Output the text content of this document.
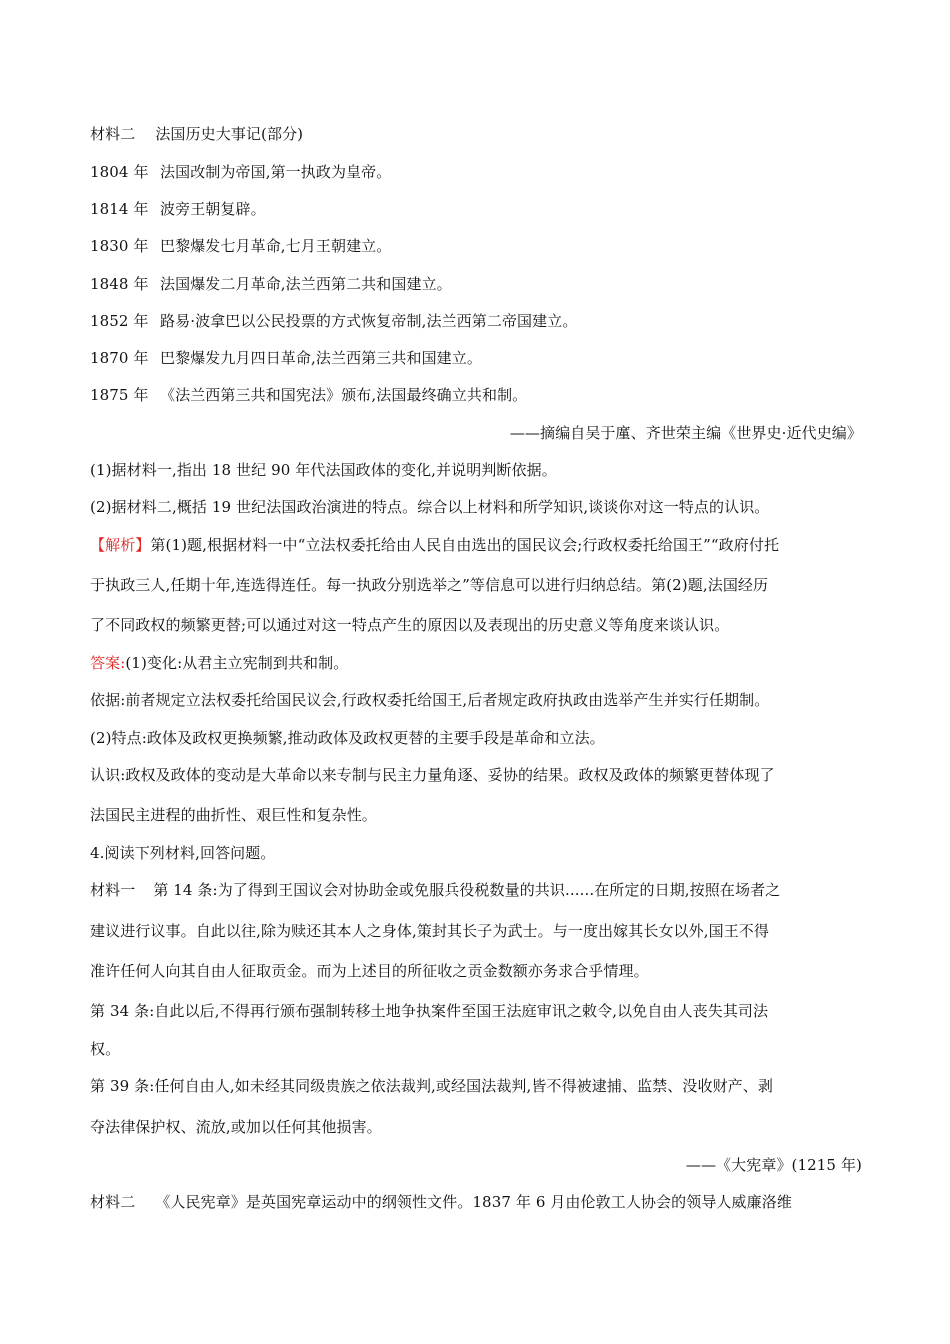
材料二 法国历史大事记(部分)
1804 年 法国改制为帝国,第一执政为皇帝。
1814 年 波旁王朝复辟。
1830 年 巴黎爆发七月革命,七月王朝建立。
1848 年 法国爆发二月革命,法兰西第二共和国建立。
1852 年 路易·波拿巴以公民投票的方式恢复帝制,法兰西第二帝国建立。
1870 年 巴黎爆发九月四日革命,法兰西第三共和国建立。
1875 年 《法兰西第三共和国宪法》颁布,法国最终确立共和制。
——摘编自吴于廑、齐世荣主编《世界史·近代史编》
(1)据材料一,指出 18 世纪 90 年代法国政体的变化,并说明判断依据。
(2)据材料二,概括 19 世纪法国政治演进的特点。综合以上材料和所学知识,谈谈你对这一特点的认识。
【解析】第(1)题,根据材料一中“立法权委托给由人民自由选出的国民议会;行政权委托给国王”“政府付托
于执政三人,任期十年,连选得连任。每一执政分别选举之”等信息可以进行归纳总结。第(2)题,法国经历
了不同政权的频繁更替;可以通过对这一特点产生的原因以及表现出的历史意义等角度来谈认识。
答案:(1)变化:从君主立宪制到共和制。
依据:前者规定立法权委托给国民议会,行政权委托给国王,后者规定政府执政由选举产生并实行任期制。
(2)特点:政体及政权更换频繁,推动政体及政权更替的主要手段是革命和立法。
认识:政权及政体的变动是大革命以来专制与民主力量角逐、妥协的结果。政权及政体的频繁更替体现了
法国民主进程的曲折性、艰巨性和复杂性。
4.阅读下列材料,回答问题。
材料一 第 14 条:为了得到王国议会对协助金或免服兵役税数量的共识......在所定的日期,按照在场者之
建议进行议事。自此以往,除为赎还其本人之身体,策封其长子为武士。与一度出嫁其长女以外,国王不得
准许任何人向其自由人征取贡金。而为上述目的所征收之贡金数额亦务求合乎情理。
第 34 条:自此以后,不得再行颁布强制转移土地争执案件至国王法庭审讯之敕令,以免自由人丧失其司法
权。
第 39 条:任何自由人,如未经其同级贵族之依法裁判,或经国法裁判,皆不得被逮捕、监禁、没收财产、剥
夺法律保护权、流放,或加以任何其他损害。
——《大宪章》(1215 年)
材料二 《人民宪章》是英国宪章运动中的纲领性文件。1837 年 6 月由伦敦工人协会的领导人威廉洛维
